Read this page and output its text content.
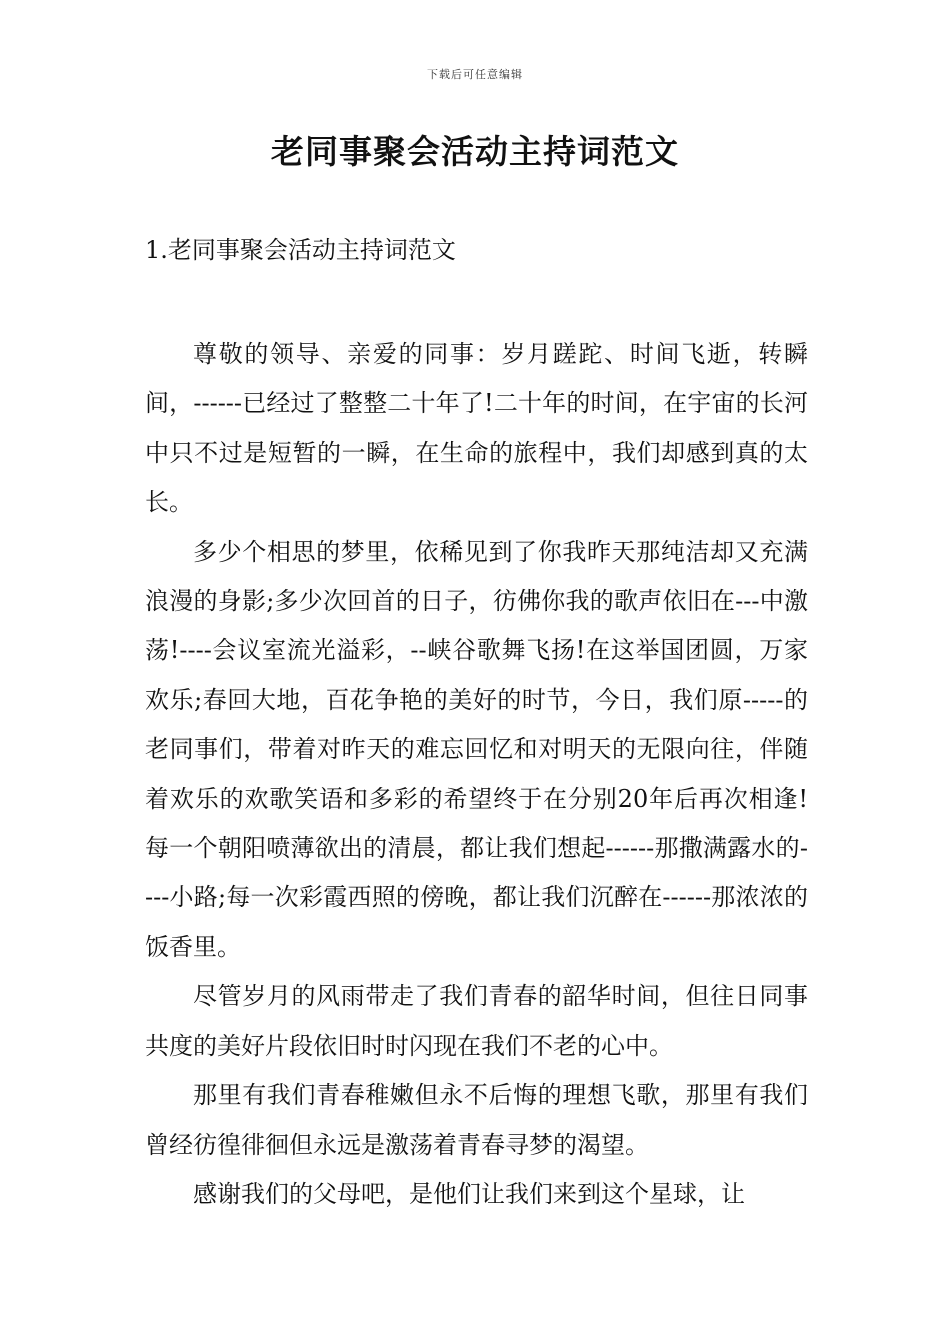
下载后可任意编辑
老同事聚会活动主持词范文

1.老同事聚会活动主持词范文

尊敬的领导、亲爱的同事：岁月蹉跎、时间飞逝，转瞬间，------已经过了整整二十年了!二十年的时间，在宇宙的长河中只不过是短暂的一瞬，在生命的旅程中，我们却感到真的太长。

多少个相思的梦里，依稀见到了你我昨天那纯洁却又充满浪漫的身影;多少次回首的日子，彷佛你我的歌声依旧在---中激荡!----会议室流光溢彩，--峡谷歌舞飞扬!在这举国团圆，万家欢乐;春回大地，百花争艳的美好的时节，今日，我们原-----的老同事们，带着对昨天的难忘回忆和对明天的无限向往，伴随着欢乐的欢歌笑语和多彩的希望终于在分别20年后再次相逢!每一个朝阳喷薄欲出的清晨，都让我们想起------那撒满露水的----小路;每一次彩霞西照的傍晚，都让我们沉醉在------那浓浓的饭香里。

尽管岁月的风雨带走了我们青春的韶华时间，但往日同事共度的美好片段依旧时时闪现在我们不老的心中。

那里有我们青春稚嫩但永不后悔的理想飞歌，那里有我们曾经彷徨徘徊但永远是激荡着青春寻梦的渴望。

感谢我们的父母吧，是他们让我们来到这个星球，让
